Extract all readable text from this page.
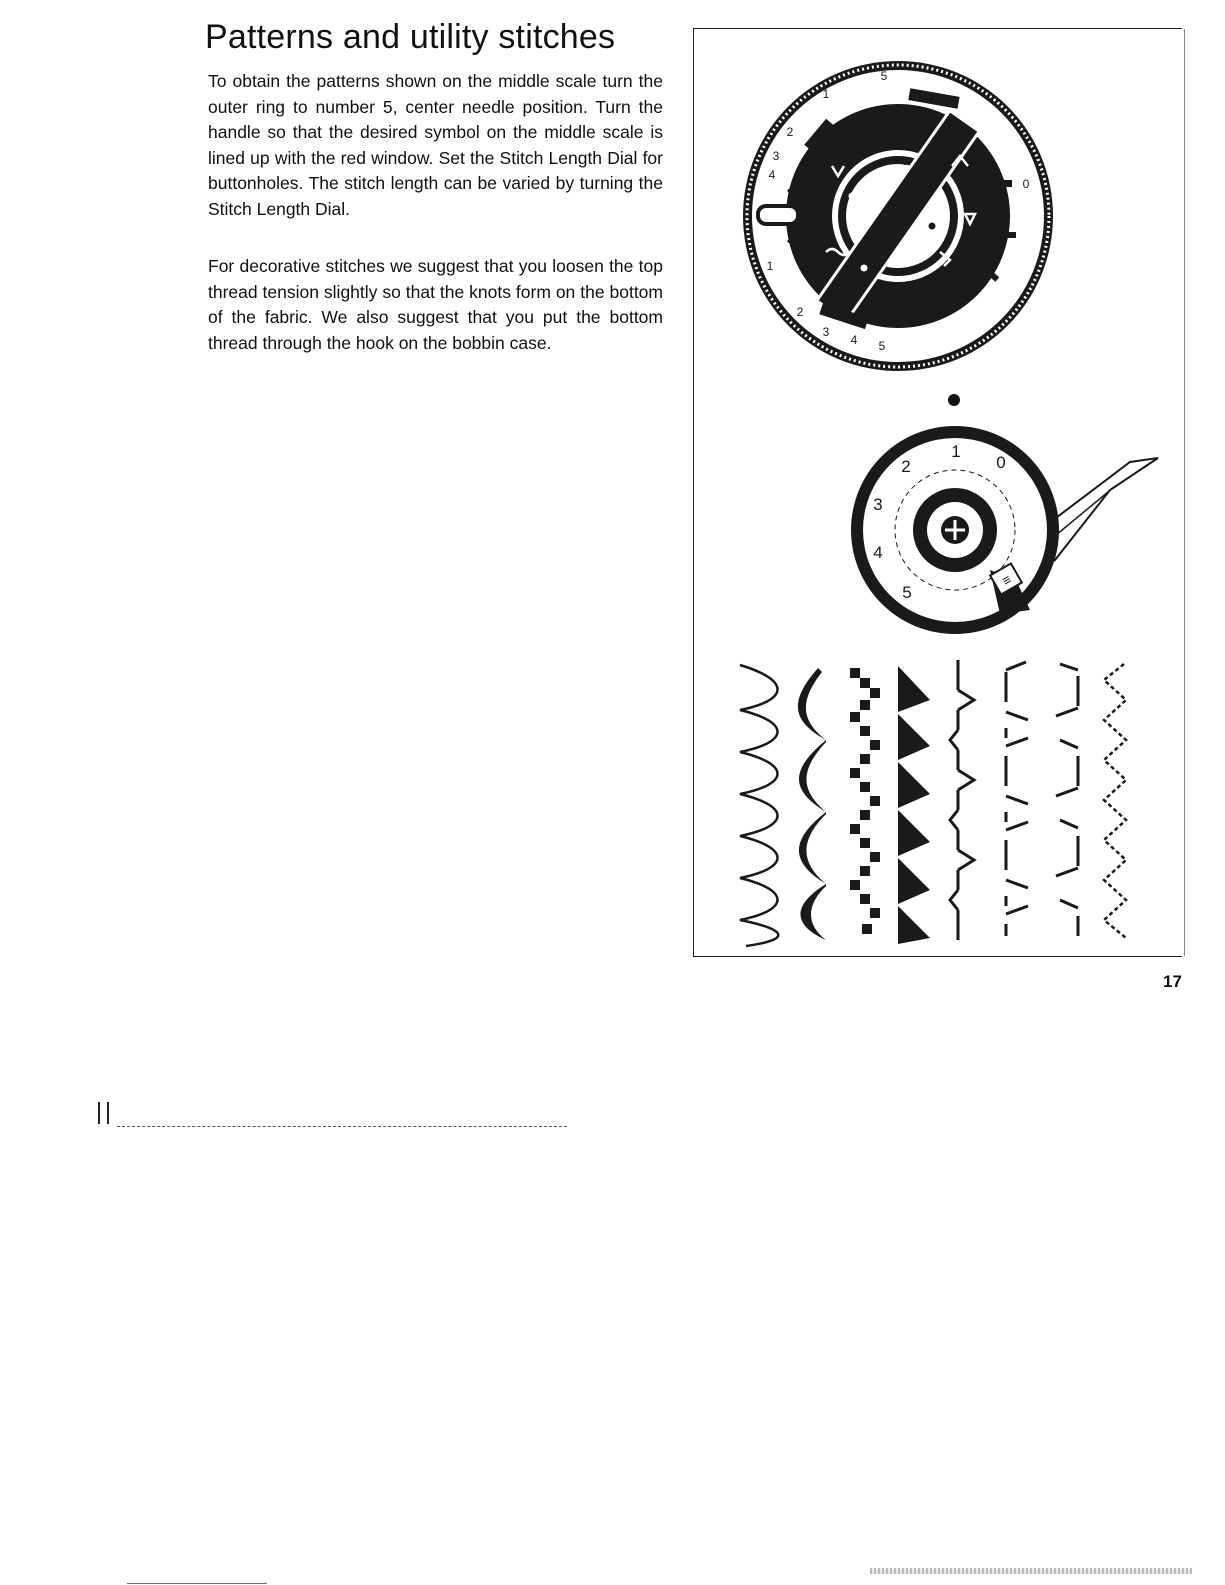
Patterns and utility stitches

To obtain the patterns shown on the middle scale turn the outer ring to number 5, center needle position. Turn the handle so that the desired symbol on the middle scale is lined up with the red window. Set the Stitch Length Dial for buttonholes. The stitch length can be varied by turning the Stitch Length Dial.

For decorative stitches we suggest that you loosen the top thread tension slightly so that the knots form on the bottom of the fabric. We also suggest that you put the bottom thread through the hook on the bobbin case.

5
4
3
2
1
0
1
2
3
4 5
≡
1
0
2
3
4
5
17
